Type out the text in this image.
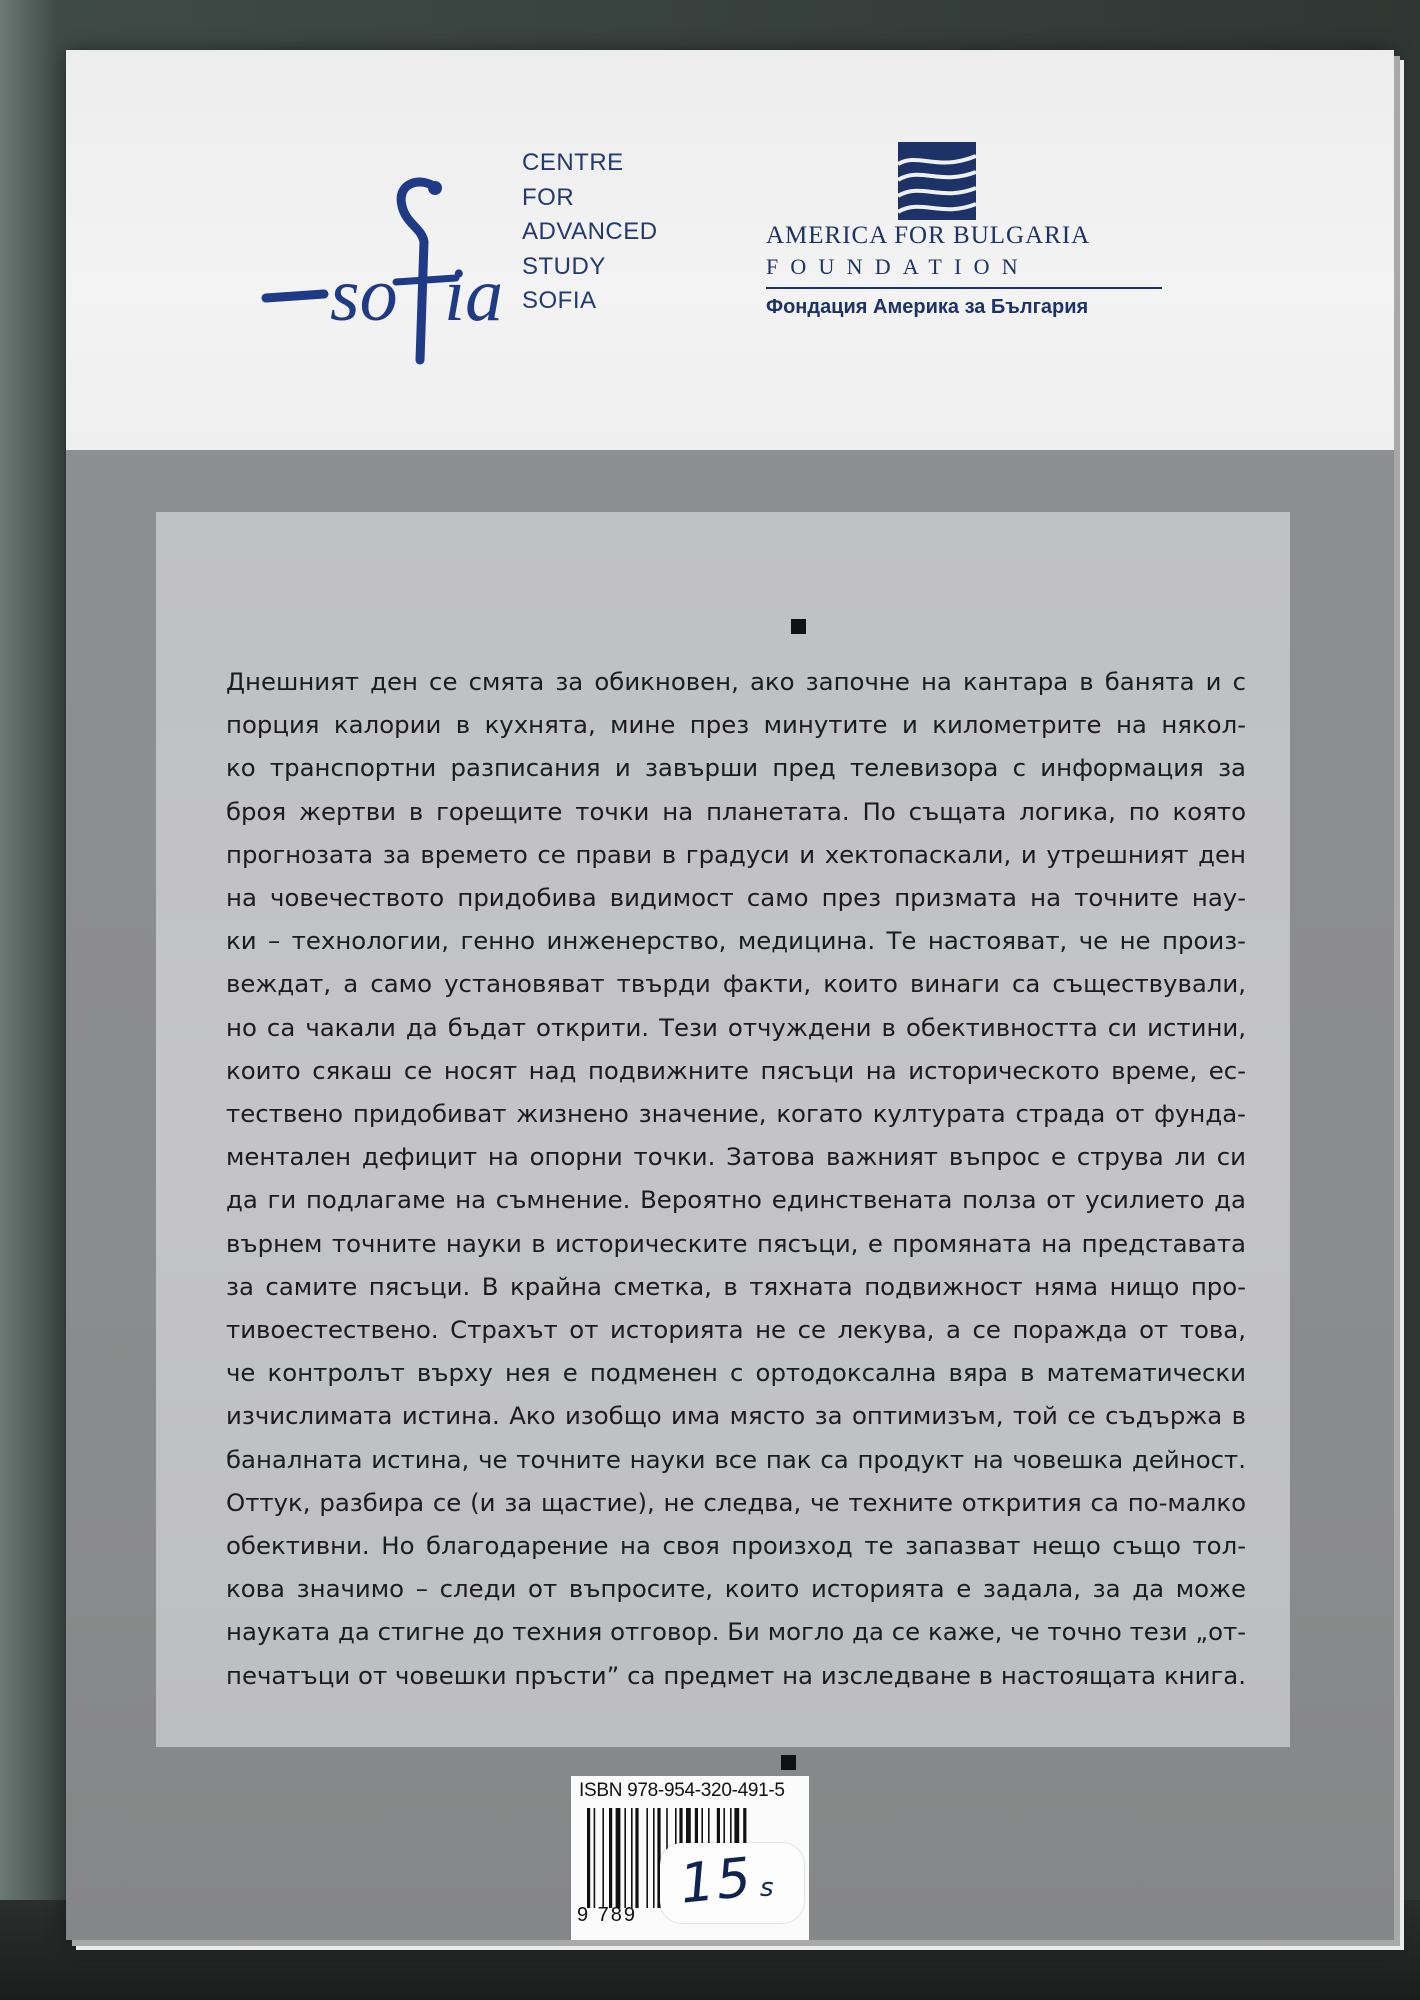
so ia
CENTRE
FOR
ADVANCED
STUDY
SOFIA
AMERICA FOR BULGARIA
FOUNDATION
Фондация Америка за България
Днешният ден се смята за обикновен, ако започне на кантара в банята и с
порция калории в кухнята, мине през минутите и километрите на някол-
ко транспортни разписания и завърши пред телевизора с информация за
броя жертви в горещите точки на планетата. По същата логика, по която
прогнозата за времето се прави в градуси и хектопаскали, и утрешният ден
на човечеството придобива видимост само през призмата на точните нау-
ки – технологии, генно инженерство, медицина. Те настояват, че не произ-
веждат, а само установяват твърди факти, които винаги са съществували,
но са чакали да бъдат открити. Тези отчуждени в обективността си истини,
които сякаш се носят над подвижните пясъци на историческото време, ес-
тествено придобиват жизнено значение, когато културата страда от фунда-
ментален дефицит на опорни точки. Затова важният въпрос е струва ли си
да ги подлагаме на съмнение. Вероятно единствената полза от усилието да
върнем точните науки в историческите пясъци, е промяната на представата
за самите пясъци. В крайна сметка, в тяхната подвижност няма нищо про-
тивоестествено. Страхът от историята не се лекува, а се поражда от това,
че контролът върху нея е подменен с ортодоксална вяра в математически
изчислимата истина. Ако изобщо има място за оптимизъм, той се съдържа в
баналната истина, че точните науки все пак са продукт на човешка дейност.
Оттук, разбира се (и за щастие), не следва, че техните открития са по-малко
обективни. Но благодарение на своя произход те запазват нещо също тол-
кова значимо – следи от въпросите, които историята е задала, за да може
науката да стигне до техния отговор. Би могло да се каже, че точно тези „от-
печатъци от човешки пръсти” са предмет на изследване в настоящата книга.
ISBN 978-954-320-491-5
9 789 15 s
